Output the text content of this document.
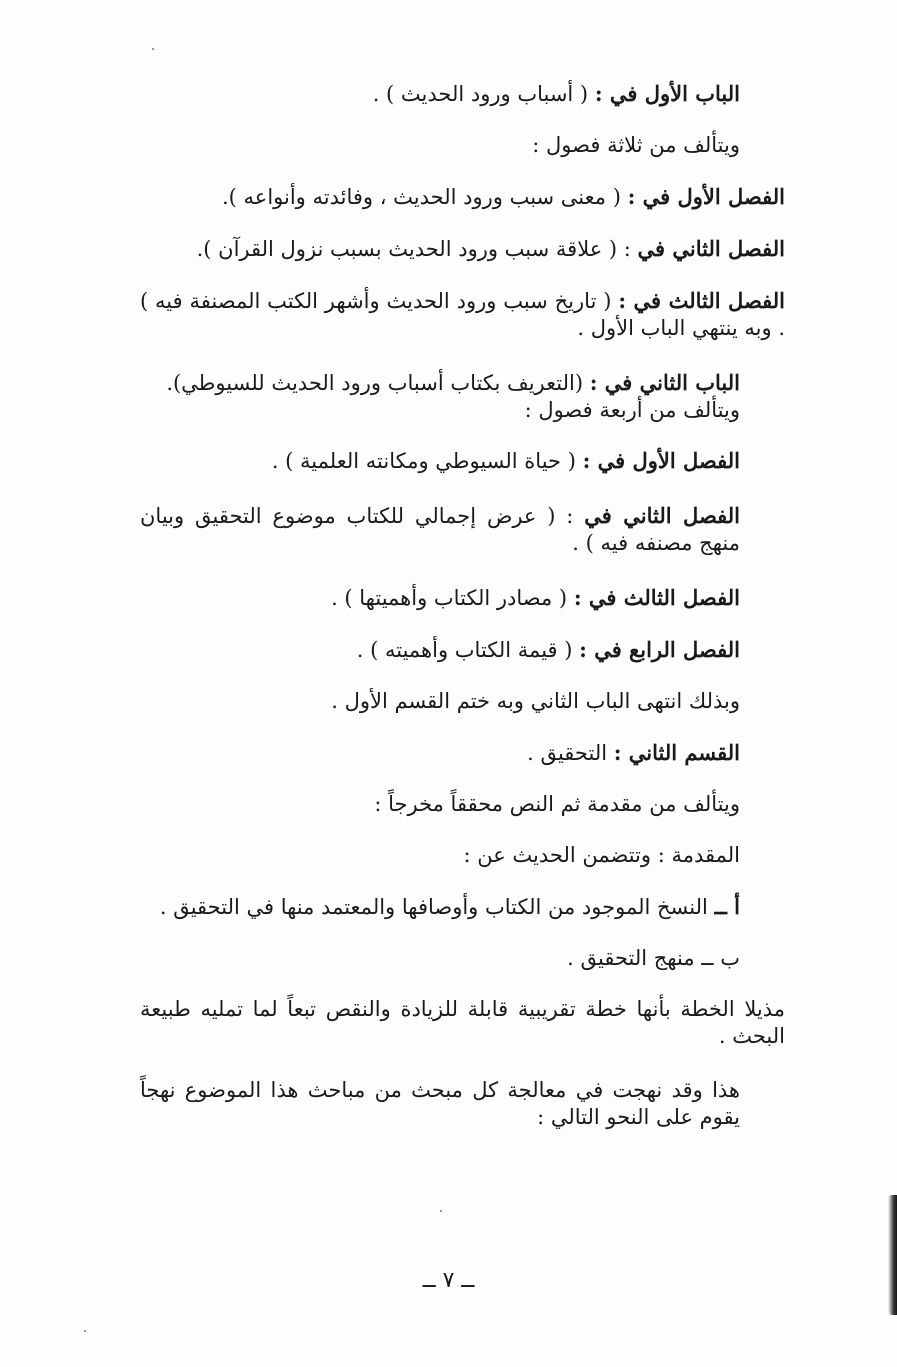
الباب الأول في : ( أسباب ورود الحديث ) .

ويتألف من ثلاثة فصول :

الفصل الأول في : ( معنى سبب ورود الحديث ، وفائدته وأنواعه ).

الفصل الثاني في : ( علاقة سبب ورود الحديث بسبب نزول القرآن ).

الفصل الثالث في : ( تاريخ سبب ورود الحديث وأشهر الكتب المصنفة فيه ) . وبه ينتهي الباب الأول .

الباب الثاني في : (التعريف بكتاب أسباب ورود الحديث للسيوطي).

ويتألف من أربعة فصول :

الفصل الأول في : ( حياة السيوطي ومكانته العلمية ) .

الفصل الثاني في : ( عرض إجمالي للكتاب موضوع التحقيق وبيان منهج مصنفه فيه ) .

الفصل الثالث في : ( مصادر الكتاب وأهميتها ) .

الفصل الرابع في : ( قيمة الكتاب وأهميته ) .

وبذلك انتهى الباب الثاني وبه ختم القسم الأول .

القسم الثاني : التحقيق .

ويتألف من مقدمة ثم النص محققاً مخرجاً :

المقدمة : وتتضمن الحديث عن :

أ ــ النسخ الموجود من الكتاب وأوصافها والمعتمد منها في التحقيق .

ب ــ منهج التحقيق .

مذيلا الخطة بأنها خطة تقريبية قابلة للزيادة والنقص تبعاً لما تمليه طبيعة البحث .

هذا وقد نهجت في معالجة كل مبحث من مباحث هذا الموضوع نهجاً يقوم على النحو التالي :

ــ ٧ ــ
